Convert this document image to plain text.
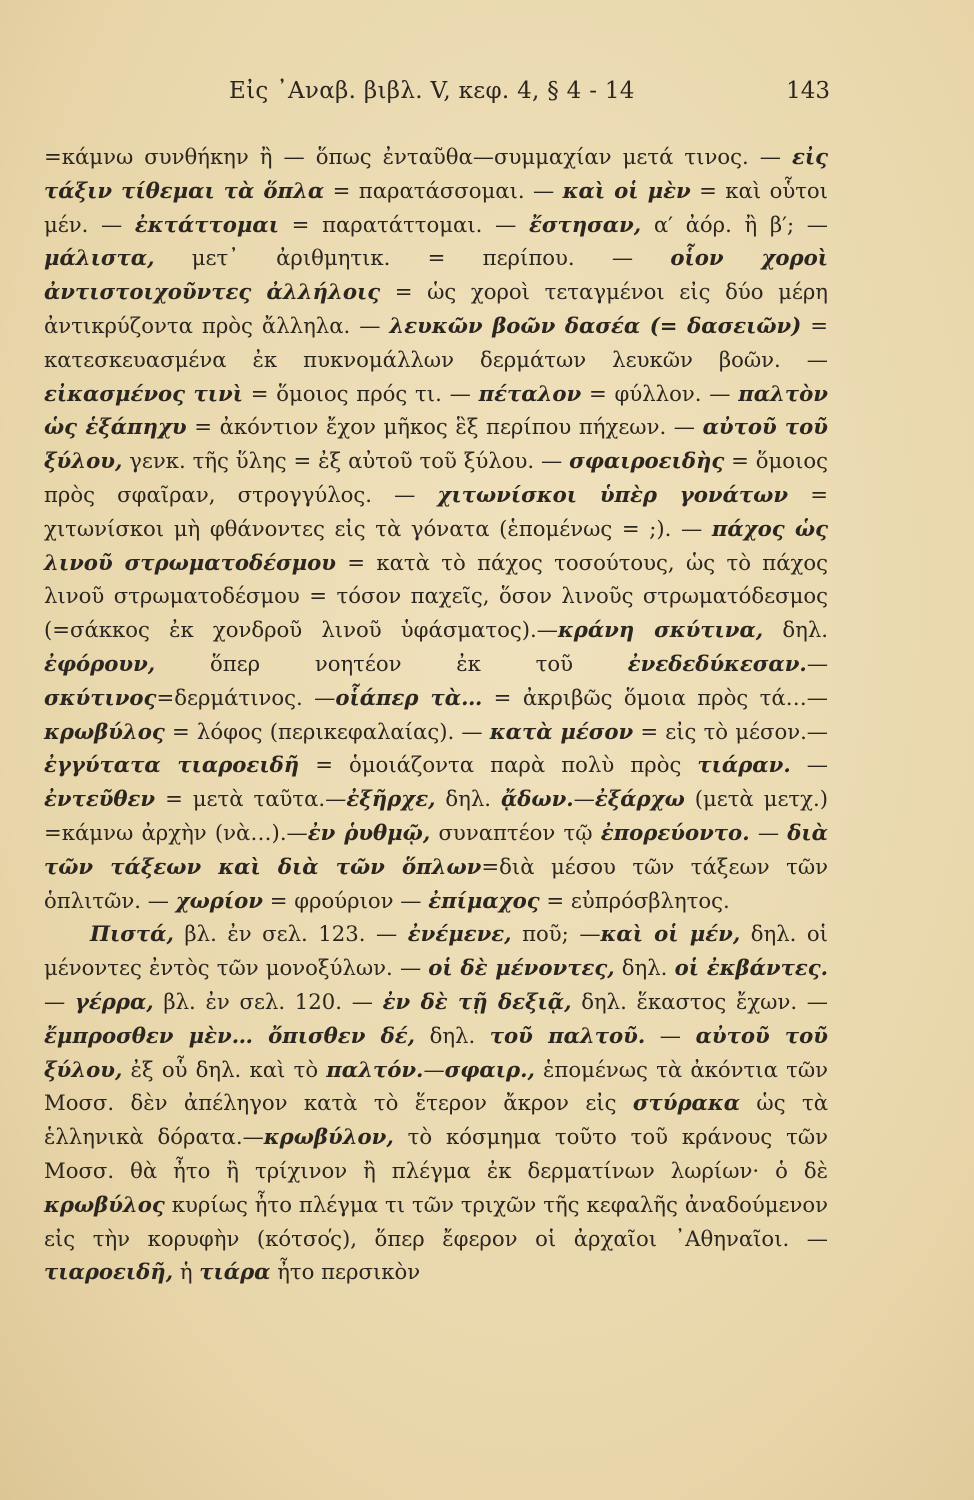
Εἰς ᾿Αναβ. βιβλ. V, κεφ. 4, § 4 - 14	143

=κάμνω συνθήκην ἢ — ὅπως ἐνταῦθα—συμμαχίαν μετά τινος. — εἰς τάξιν τίθεμαι τὰ ὅπλα = παρατάσσομαι. — καὶ οἱ μὲν = καὶ οὗτοι μέν. — ἐκτάττομαι = παρατάττομαι. — ἔστησαν, α′ ἀόρ. ἢ β′; — μάλιστα, μετ᾿ ἀριθμητικ. = περίπου. — οἷον χοροὶ ἀντιστοιχοῦντες ἀλλήλοις = ὡς χοροὶ τεταγμένοι εἰς δύο μέρη ἀντικρύζοντα πρὸς ἄλληλα. — λευκῶν βοῶν δασέα (= δασειῶν) = κατεσκευασμένα ἐκ πυκνομάλλων δερμάτων λευκῶν βοῶν. — εἰκασμένος τινὶ = ὅμοιος πρός τι. — πέταλον = φύλλον. — παλτὸν ὡς ἑξάπηχυ = ἀκόντιον ἔχον μῆκος ἓξ περίπου πήχεων. — αὐτοῦ τοῦ ξύλου, γενκ. τῆς ὕλης = ἐξ αὐτοῦ τοῦ ξύλου. — σφαιροειδὴς = ὅμοιος πρὸς σφαῖραν, στρογγύλος. — χιτωνίσκοι ὑπὲρ γονάτων = χιτωνίσκοι μὴ φθάνοντες εἰς τὰ γόνατα (ἑπομένως = ;). — πάχος ὡς λινοῦ στρωματοδέσμου = κατὰ τὸ πάχος τοσούτους, ὡς τὸ πάχος λινοῦ στρωματοδέσμου = τόσον παχεῖς, ὅσον λινοῦς στρωματόδεσμος (=σάκκος ἐκ χονδροῦ λινοῦ ὑφάσματος).—κράνη σκύτινα, δηλ. ἐφόρουν, ὅπερ νοητέον ἐκ τοῦ ἐνεδεδύκεσαν.—σκύτινος=δερμάτινος. —οἷάπερ τὰ… = ἀκριβῶς ὅμοια πρὸς τά…—κρωβύλος = λόφος (περικεφαλαίας). — κατὰ μέσον = εἰς τὸ μέσον.—ἐγγύτατα τιαροειδῆ = ὁμοιάζοντα παρὰ πολὺ πρὸς τιάραν. — ἐντεῦθεν = μετὰ ταῦτα.—ἐξῆρχε, δηλ. ᾄδων.—ἐξάρχω (μετὰ μετχ.) =κάμνω ἀρχὴν (νὰ…).—ἐν ῥυθμῷ, συναπτέον τῷ ἐπορεύοντο. — διὰ τῶν τάξεων καὶ διὰ τῶν ὅπλων=διὰ μέσου τῶν τάξεων τῶν ὁπλιτῶν. — χωρίον = φρούριον — ἐπίμαχος = εὐπρόσβλητος.

Πιστά, βλ. ἐν σελ. 123. — ἐνέμενε, ποῦ; —καὶ οἱ μέν, δηλ. οἱ μένοντες ἐντὸς τῶν μονοξύλων. — οἱ δὲ μένοντες, δηλ. οἱ ἐκβάντες. — γέρρα, βλ. ἐν σελ. 120. — ἐν δὲ τῇ δεξιᾷ, δηλ. ἕκαστος ἔχων. — ἔμπροσθεν μὲν… ὄπισθεν δέ, δηλ. τοῦ παλτοῦ. — αὐτοῦ τοῦ ξύλου, ἐξ οὗ δηλ. καὶ τὸ παλτόν.—σφαιρ., ἑπομένως τὰ ἀκόντια τῶν Μοσσ. δὲν ἀπέληγον κατὰ τὸ ἕτερον ἄκρον εἰς στύρακα ὡς τὰ ἑλληνικὰ δόρατα.—κρωβύλον, τὸ κόσμημα τοῦτο τοῦ κράνους τῶν Μοσσ. θὰ ἦτο ἢ τρίχινον ἢ πλέγμα ἐκ δερματίνων λωρίων· ὁ δὲ κρωβύλος κυρίως ἦτο πλέγμα τι τῶν τριχῶν τῆς κεφαλῆς ἀναδούμενον εἰς τὴν κορυφὴν (κότσο̕ς), ὅπερ ἔφερον οἱ ἀρχαῖοι ᾿Αθηναῖοι. — τιαροειδῆ, ἡ τιάρα ἦτο περσικὸν
